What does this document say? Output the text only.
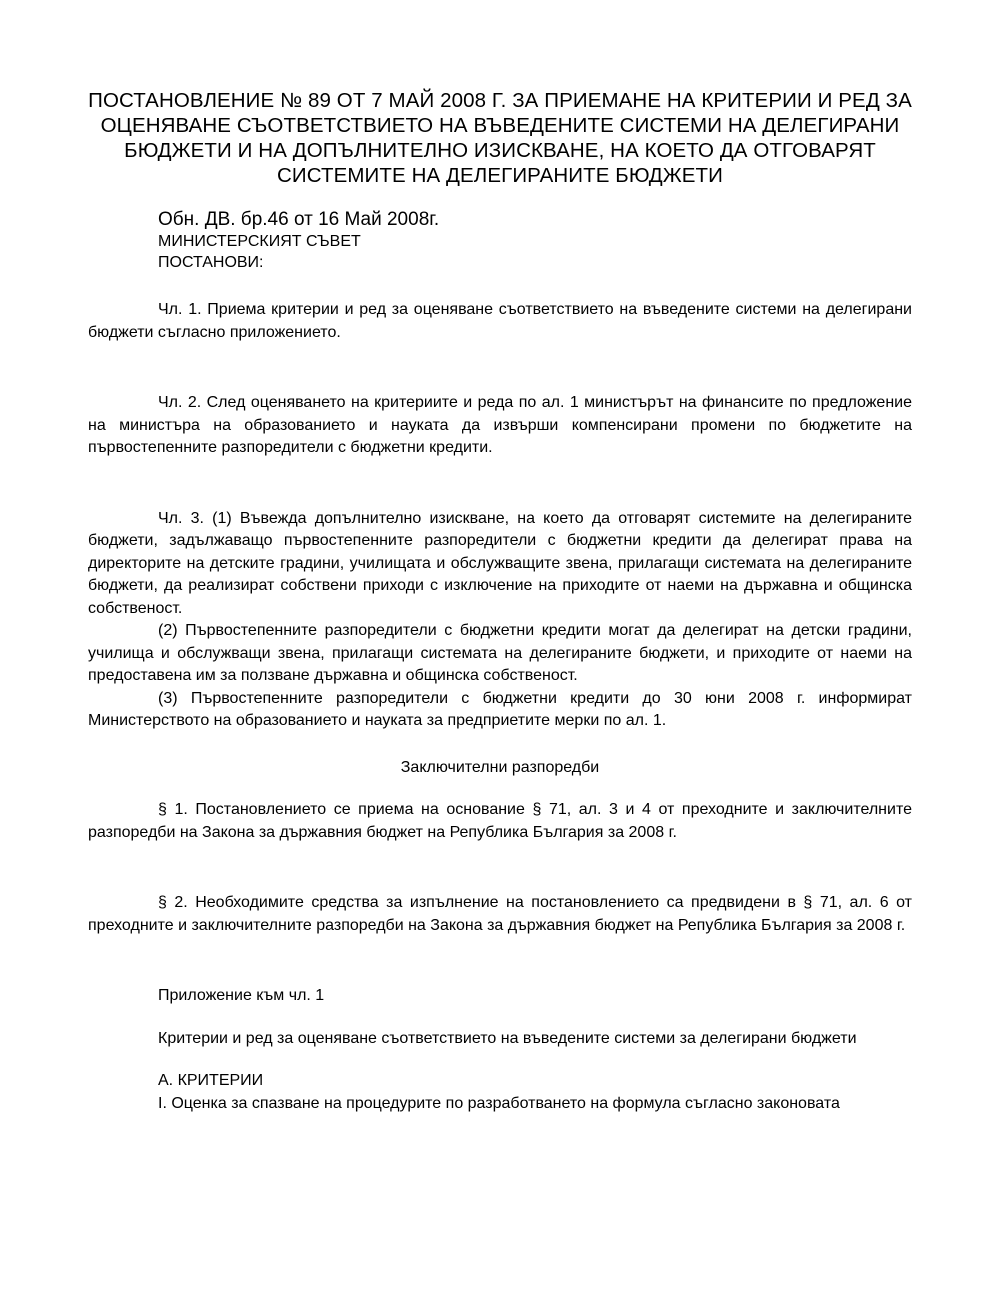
ПОСТАНОВЛЕНИЕ № 89 ОТ 7 МАЙ 2008 Г. ЗА ПРИЕМАНЕ НА КРИТЕРИИ И РЕД ЗА ОЦЕНЯВАНЕ СЪОТВЕТСТВИЕТО НА ВЪВЕДЕНИТЕ СИСТЕМИ НА ДЕЛЕГИРАНИ БЮДЖЕТИ И НА ДОПЪЛНИТЕЛНО ИЗИСКВАНЕ, НА КОЕТО ДА ОТГОВАРЯТ СИСТЕМИТЕ НА ДЕЛЕГИРАНИТЕ БЮДЖЕТИ
Обн. ДВ. бр.46 от 16 Май 2008г.
МИНИСТЕРСКИЯТ СЪВЕТ
ПОСТАНОВИ:

Чл. 1. Приема критерии и ред за оценяване съответствието на въведените системи на делегирани бюджети съгласно приложението.

Чл. 2. След оценяването на критериите и реда по ал. 1 министърът на финансите по предложение на министъра на образованието и науката да извърши компенсирани промени по бюджетите на първостепенните разпоредители с бюджетни кредити.

Чл. 3. (1) Въвежда допълнително изискване, на което да отговарят системите на делегираните бюджети, задължаващо първостепенните разпоредители с бюджетни кредити да делегират права на директорите на детските градини, училищата и обслужващите звена, прилагащи системата на делегираните бюджети, да реализират собствени приходи с изключение на приходите от наеми на държавна и общинска собственост.

(2) Първостепенните разпоредители с бюджетни кредити могат да делегират на детски градини, училища и обслужващи звена, прилагащи системата на делегираните бюджети, и приходите от наеми на предоставена им за ползване държавна и общинска собственост.

(3) Първостепенните разпоредители с бюджетни кредити до 30 юни 2008 г. информират Министерството на образованието и науката за предприетите мерки по ал. 1.

Заключителни разпоредби

§ 1. Постановлението се приема на основание § 71, ал. 3 и 4 от преходните и заключителните разпоредби на Закона за държавния бюджет на Република България за 2008 г.

§ 2. Необходимите средства за изпълнение на постановлението са предвидени в § 71, ал. 6 от преходните и заключителните разпоредби на Закона за държавния бюджет на Република България за 2008 г.

Приложение към чл. 1

Критерии и ред за оценяване съответствието на въведените системи за делегирани бюджети

А. КРИТЕРИИ

I. Оценка за спазване на процедурите по разработването на формула съгласно законовата
